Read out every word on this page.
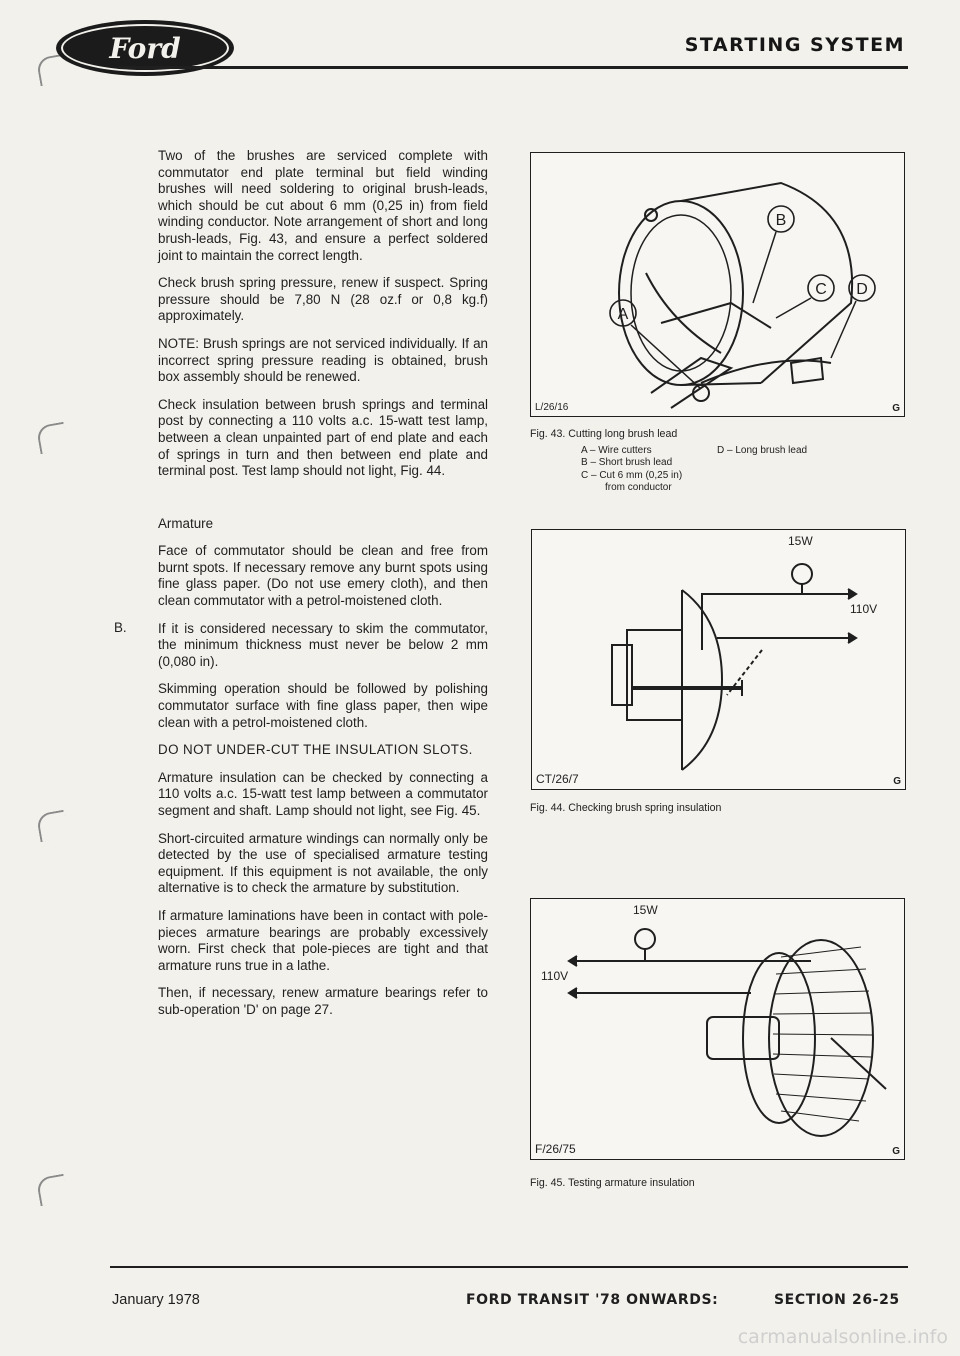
Ford	STARTING SYSTEM

Two of the brushes are serviced complete with commutator end plate terminal but field winding brushes will need soldering to original brush-leads, which should be cut about 6 mm (0,25 in) from field winding conductor. Note arrangement of short and long brush-leads, Fig. 43, and ensure a perfect soldered joint to maintain the correct length.

Check brush spring pressure, renew if suspect. Spring pressure should be 7,80 N (28 oz.f or 0,8 kg.f) approximately.

NOTE: Brush springs are not serviced individually. If an incorrect spring pressure reading is obtained, brush box assembly should be renewed.

Check insulation between brush springs and terminal post by connecting a 110 volts a.c. 15-watt test lamp, between a clean unpainted part of end plate and each of springs in turn and then between end plate and terminal post. Test lamp should not light, Fig. 44.

Armature

Face of commutator should be clean and free from burnt spots. If necessary remove any burnt spots using fine glass paper. (Do not use emery cloth), and then clean commutator with a petrol-moistened cloth.

If it is considered necessary to skim the commutator, the minimum thickness must never be below 2 mm (0,080 in).

Skimming operation should be followed by polishing commutator surface with fine glass paper, then wipe clean with a petrol-moistened cloth.

DO NOT UNDER-CUT THE INSULATION SLOTS.

Armature insulation can be checked by connecting a 110 volts a.c. 15-watt test lamp between a commutator segment and shaft. Lamp should not light, see Fig. 45.

Short-circuited armature windings can normally only be detected by the use of specialised armature testing equipment. If this equipment is not available, the only alternative is to check the armature by substitution.

If armature laminations have been in contact with pole-pieces armature bearings are probably excessively worn. First check that pole-pieces are tight and that armature runs true in a lathe.

Then, if necessary, renew armature bearings refer to sub-operation 'D' on page 27.

B.
B
A
C D
L/26/16	G

Fig. 43. Cutting long brush lead

A – Wire cutters
B – Short brush lead
C – Cut 6 mm (0,25 in)
from conductor
D – Long brush lead
15W
110V
CT/26/7	G

Fig. 44. Checking brush spring insulation

15W
110V
F/26/75	G

Fig. 45. Testing armature insulation

January 1978	FORD TRANSIT '78 ONWARDS:	SECTION 26-25
carmanualsonline.info
